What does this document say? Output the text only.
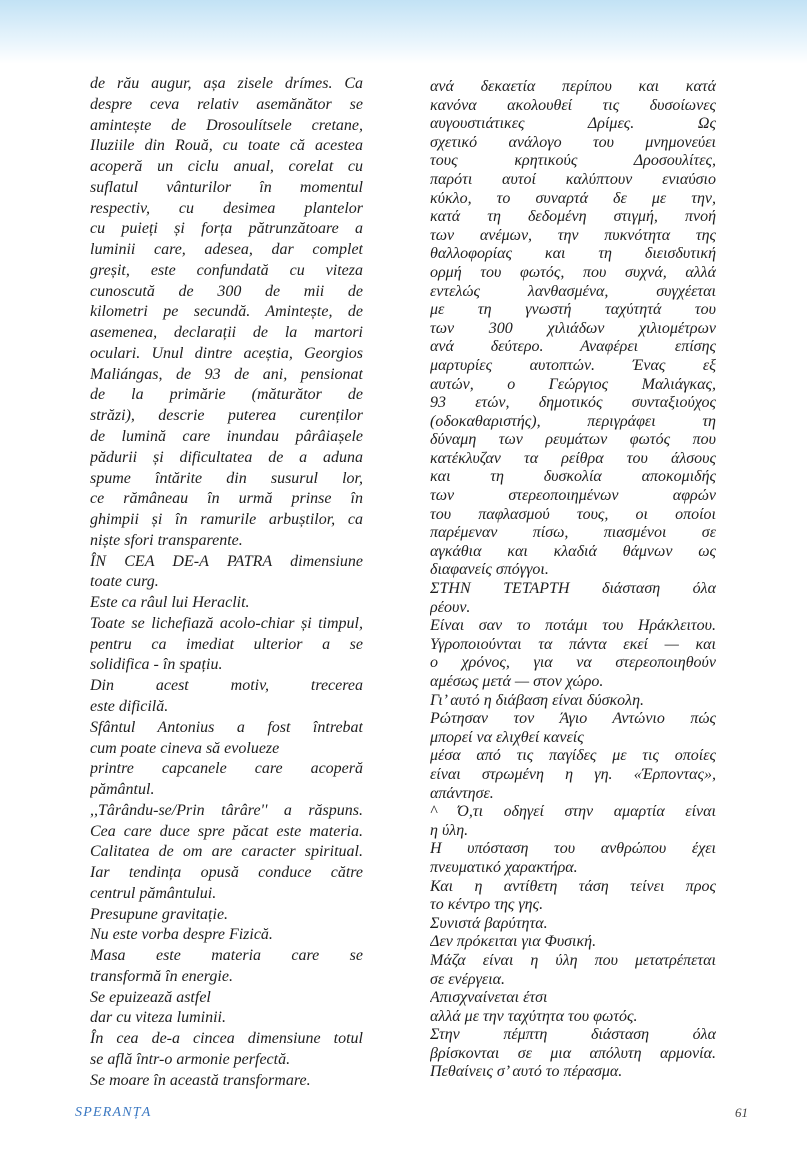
de rău augur, așa zisele drímes. Ca
despre ceva relativ asemănător se
amintește de Drosoulítsele cretane,
Iluziile din Rouă, cu toate că acestea
acoperă un ciclu anual, corelat cu
suflatul vânturilor în momentul
respectiv, cu desimea plantelor
cu puieți și forța pătrunzătoare a
luminii care, adesea, dar complet
greșit, este confundată cu viteza
cunoscută de 300 de mii de
kilometri pe secundă. Amintește, de
asemenea, declarații de la martori
oculari. Unul dintre aceștia, Georgios
Maliángas, de 93 de ani, pensionat
de la primărie (măturător de
străzi), descrie puterea curenților
de lumină care inundau pârâiașele
pădurii și dificultatea de a aduna
spume întărite din susurul lor,
ce rămâneau în urmă prinse în
ghimpii și în ramurile arbuștilor, ca
niște sfori transparente.
ÎN CEA DE-A PATRA dimensiune
toate curg.
Este ca râul lui Heraclit.
Toate se lichefiază acolo-chiar și timpul,
pentru ca imediat ulterior a se
solidifica - în spațiu.
Din acest motiv, trecerea
este dificilă.
Sfântul Antonius a fost întrebat
cum poate cineva să evolueze
printre capcanele care acoperă
pământul.
,,Târându-se/Prin târâre'' a răspuns.
Cea care duce spre păcat este materia.
Calitatea de om are caracter spiritual.
Iar tendința opusă conduce către
centrul pământului.
Presupune gravitație.
Nu este vorba despre Fizică.
Masa este materia care se
transformă în energie.
Se epuizează astfel
dar cu viteza luminii.
În cea de-a cincea dimensiune totul
se află într-o armonie perfectă.
Se moare în această transformare.
ανά δεκαετία περίπου και κατά
κανόνα ακολουθεί τις δυσοίωνες
αυγουστιάτικες Δρίμες. Ως
σχετικό ανάλογο του μνημονεύει
τους κρητικούς Δροσουλίτες,
παρότι αυτοί καλύπτουν ενιαύσιο
κύκλο, το συναρτά δε με την,
κατά τη δεδομένη στιγμή, πνοή
των ανέμων, την πυκνότητα της
θαλλοφορίας και τη διεισδυτική
ορμή του φωτός, που συχνά, αλλά
εντελώς λανθασμένα, συγχέεται
με τη γνωστή ταχύτητά του
των 300 χιλιάδων χιλιομέτρων
ανά δεύτερο. Αναφέρει επίσης
μαρτυρίες αυτοπτών. Ένας εξ
αυτών, ο Γεώργιος Μαλιάγκας,
93 ετών, δημοτικός συνταξιούχος
(οδοκαθαριστής), περιγράφει τη
δύναμη των ρευμάτων φωτός που
κατέκλυζαν τα ρείθρα του άλσους
και τη δυσκολία αποκομιδής
των στερεοποιημένων αφρών
του παφλασμού τους, οι οποίοι
παρέμεναν πίσω, πιασμένοι σε
αγκάθια και κλαδιά θάμνων ως
διαφανείς σπόγγοι.
ΣΤΗΝ ΤΕΤΑΡΤΗ διάσταση όλα
ρέουν.
Είναι σαν το ποτάμι του Ηράκλειτου.
Υγροποιούνται τα πάντα εκεί — και
ο χρόνος, για να στερεοποιηθούν
αμέσως μετά — στον χώρο.
Γι’ αυτό η διάβαση είναι δύσκολη.
Ρώτησαν τον Άγιο Αντώνιο πώς
μπορεί να ελιχθεί κανείς
μέσα από τις παγίδες με τις οποίες
είναι στρωμένη η γη. «Έρποντας»,
απάντησε.
^ Ό,τι οδηγεί στην αμαρτία είναι
η ύλη.
Η υπόσταση του ανθρώπου έχει
πνευματικό χαρακτήρα.
Και η αντίθετη τάση τείνει προς
το κέντρο της γης.
Συνιστά βαρύτητα.
Δεν πρόκειται για Φυσική.
Μάζα είναι η ύλη που μετατρέπεται
σε ενέργεια.
Απισχναίνεται έτσι
αλλά με την ταχύτητα του φωτός.
Στην πέμπτη διάσταση όλα
βρίσκονται σε μια απόλυτη αρμονία.
Πεθαίνεις σ’ αυτό το πέρασμα.
SPERANȚA	61
